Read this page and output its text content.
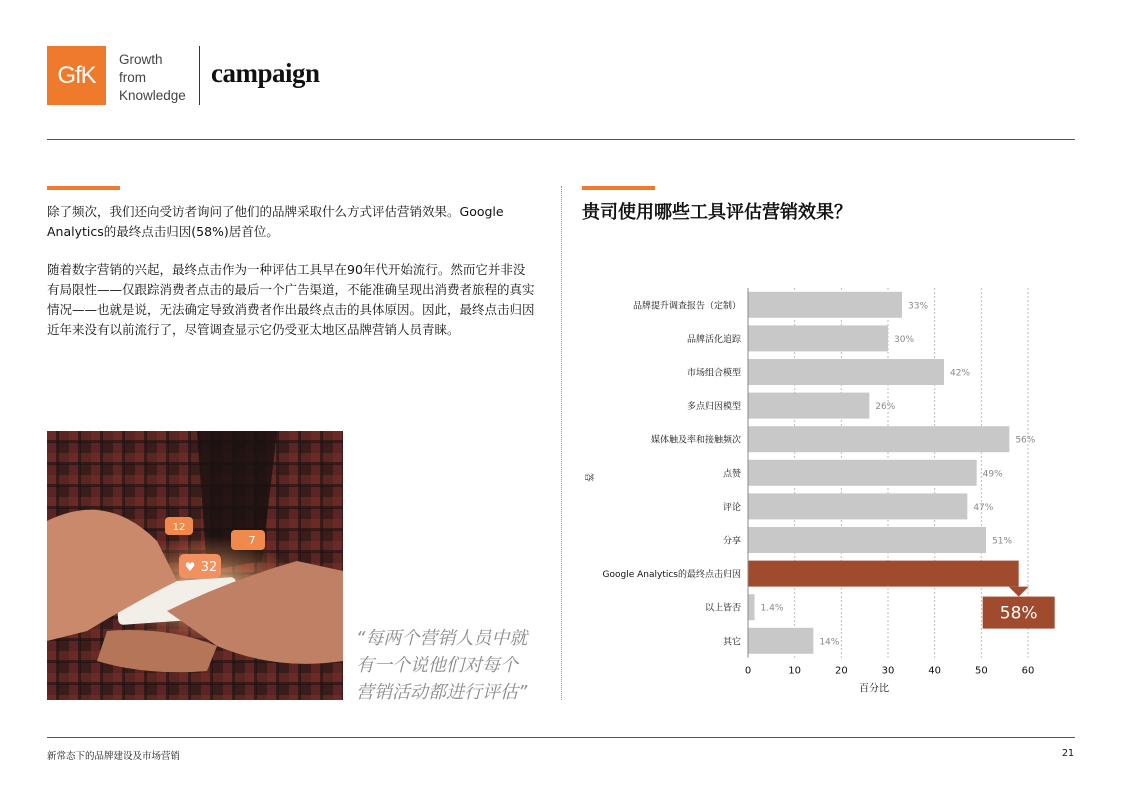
GfK
Growth
from
Knowledge
campaign
除了频次，我们还向受访者询问了他们的品牌采取什么方式评估营销效果。Google Analytics的最终点击归因(58%)居首位。
随着数字营销的兴起，最终点击作为一种评估工具早在90年代开始流行。然而它并非没有局限性——仅跟踪消费者点击的最后一个广告渠道，不能准确呈现出消费者旅程的真实情况——也就是说，无法确定导致消费者作出最终点击的具体原因。因此，最终点击归因近年来没有以前流行了，尽管调查显示它仍受亚太地区品牌营销人员青睐。
12
7
32
♥
“每两个营销人员中就
有一个说他们对每个
营销活动都进行评估”
贵司使用哪些工具评估营销效果？
品牌提升调查报告（定制）
品牌活化追踪
市场组合模型
多点归因模型
媒体触及率和接触频次
点赞
评论
分享
Google Analytics的最终点击归因
以上皆否
其它
33%
30%
42%
26%
56%
49%
47%
51%
1.4%
14%
0	10	20	30	40	50	60
百分比
答
58%
新常态下的品牌建设及市场营销	21
